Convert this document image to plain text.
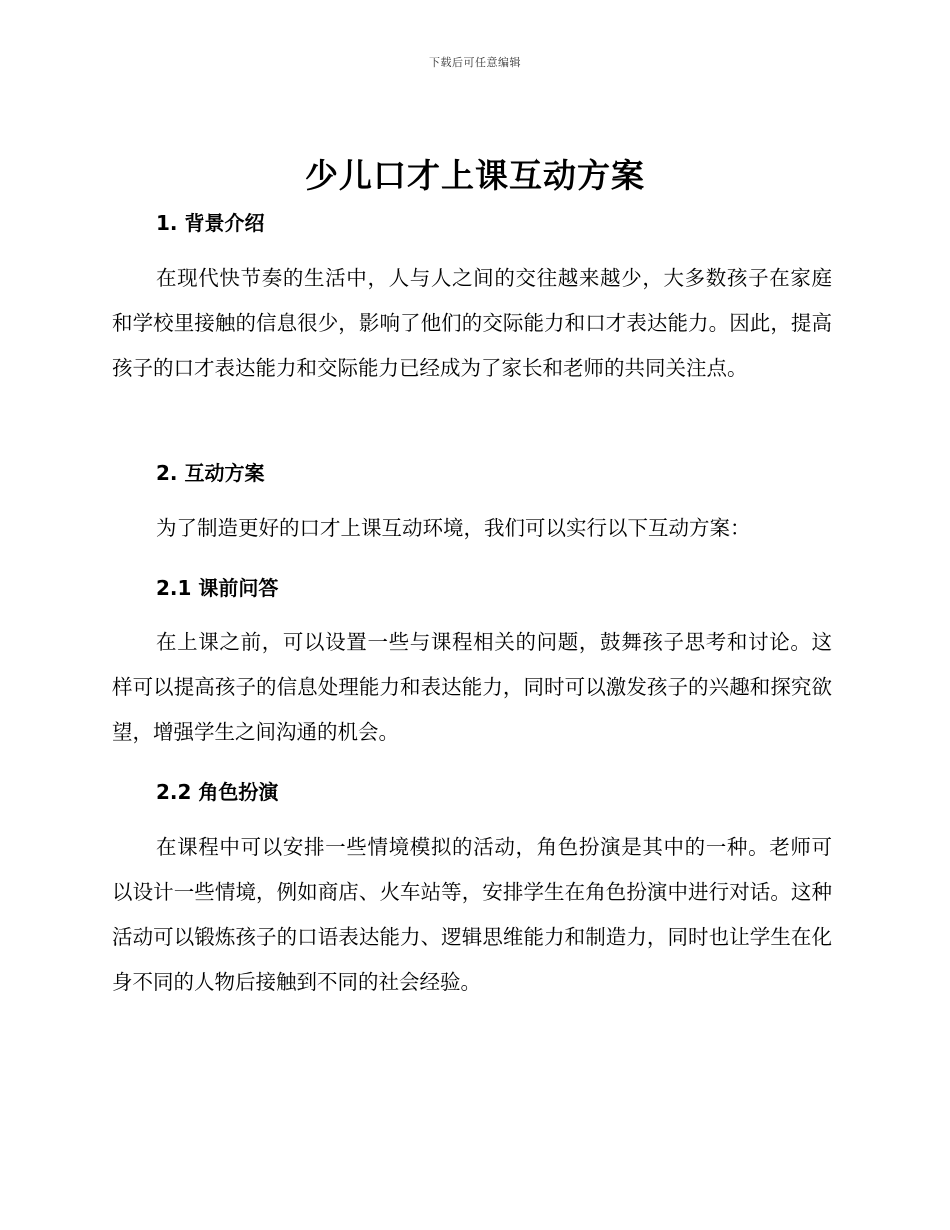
下载后可任意编辑
少儿口才上课互动方案
1. 背景介绍

在现代快节奏的生活中，人与人之间的交往越来越少，大多数孩子在家庭和学校里接触的信息很少，影响了他们的交际能力和口才表达能力。因此，提高孩子的口才表达能力和交际能力已经成为了家长和老师的共同关注点。

2. 互动方案

为了制造更好的口才上课互动环境，我们可以实行以下互动方案：

2.1 课前问答

在上课之前，可以设置一些与课程相关的问题，鼓舞孩子思考和讨论。这样可以提高孩子的信息处理能力和表达能力，同时可以激发孩子的兴趣和探究欲望，增强学生之间沟通的机会。

2.2 角色扮演

在课程中可以安排一些情境模拟的活动，角色扮演是其中的一种。老师可以设计一些情境，例如商店、火车站等，安排学生在角色扮演中进行对话。这种活动可以锻炼孩子的口语表达能力、逻辑思维能力和制造力，同时也让学生在化身不同的人物后接触到不同的社会经验。
